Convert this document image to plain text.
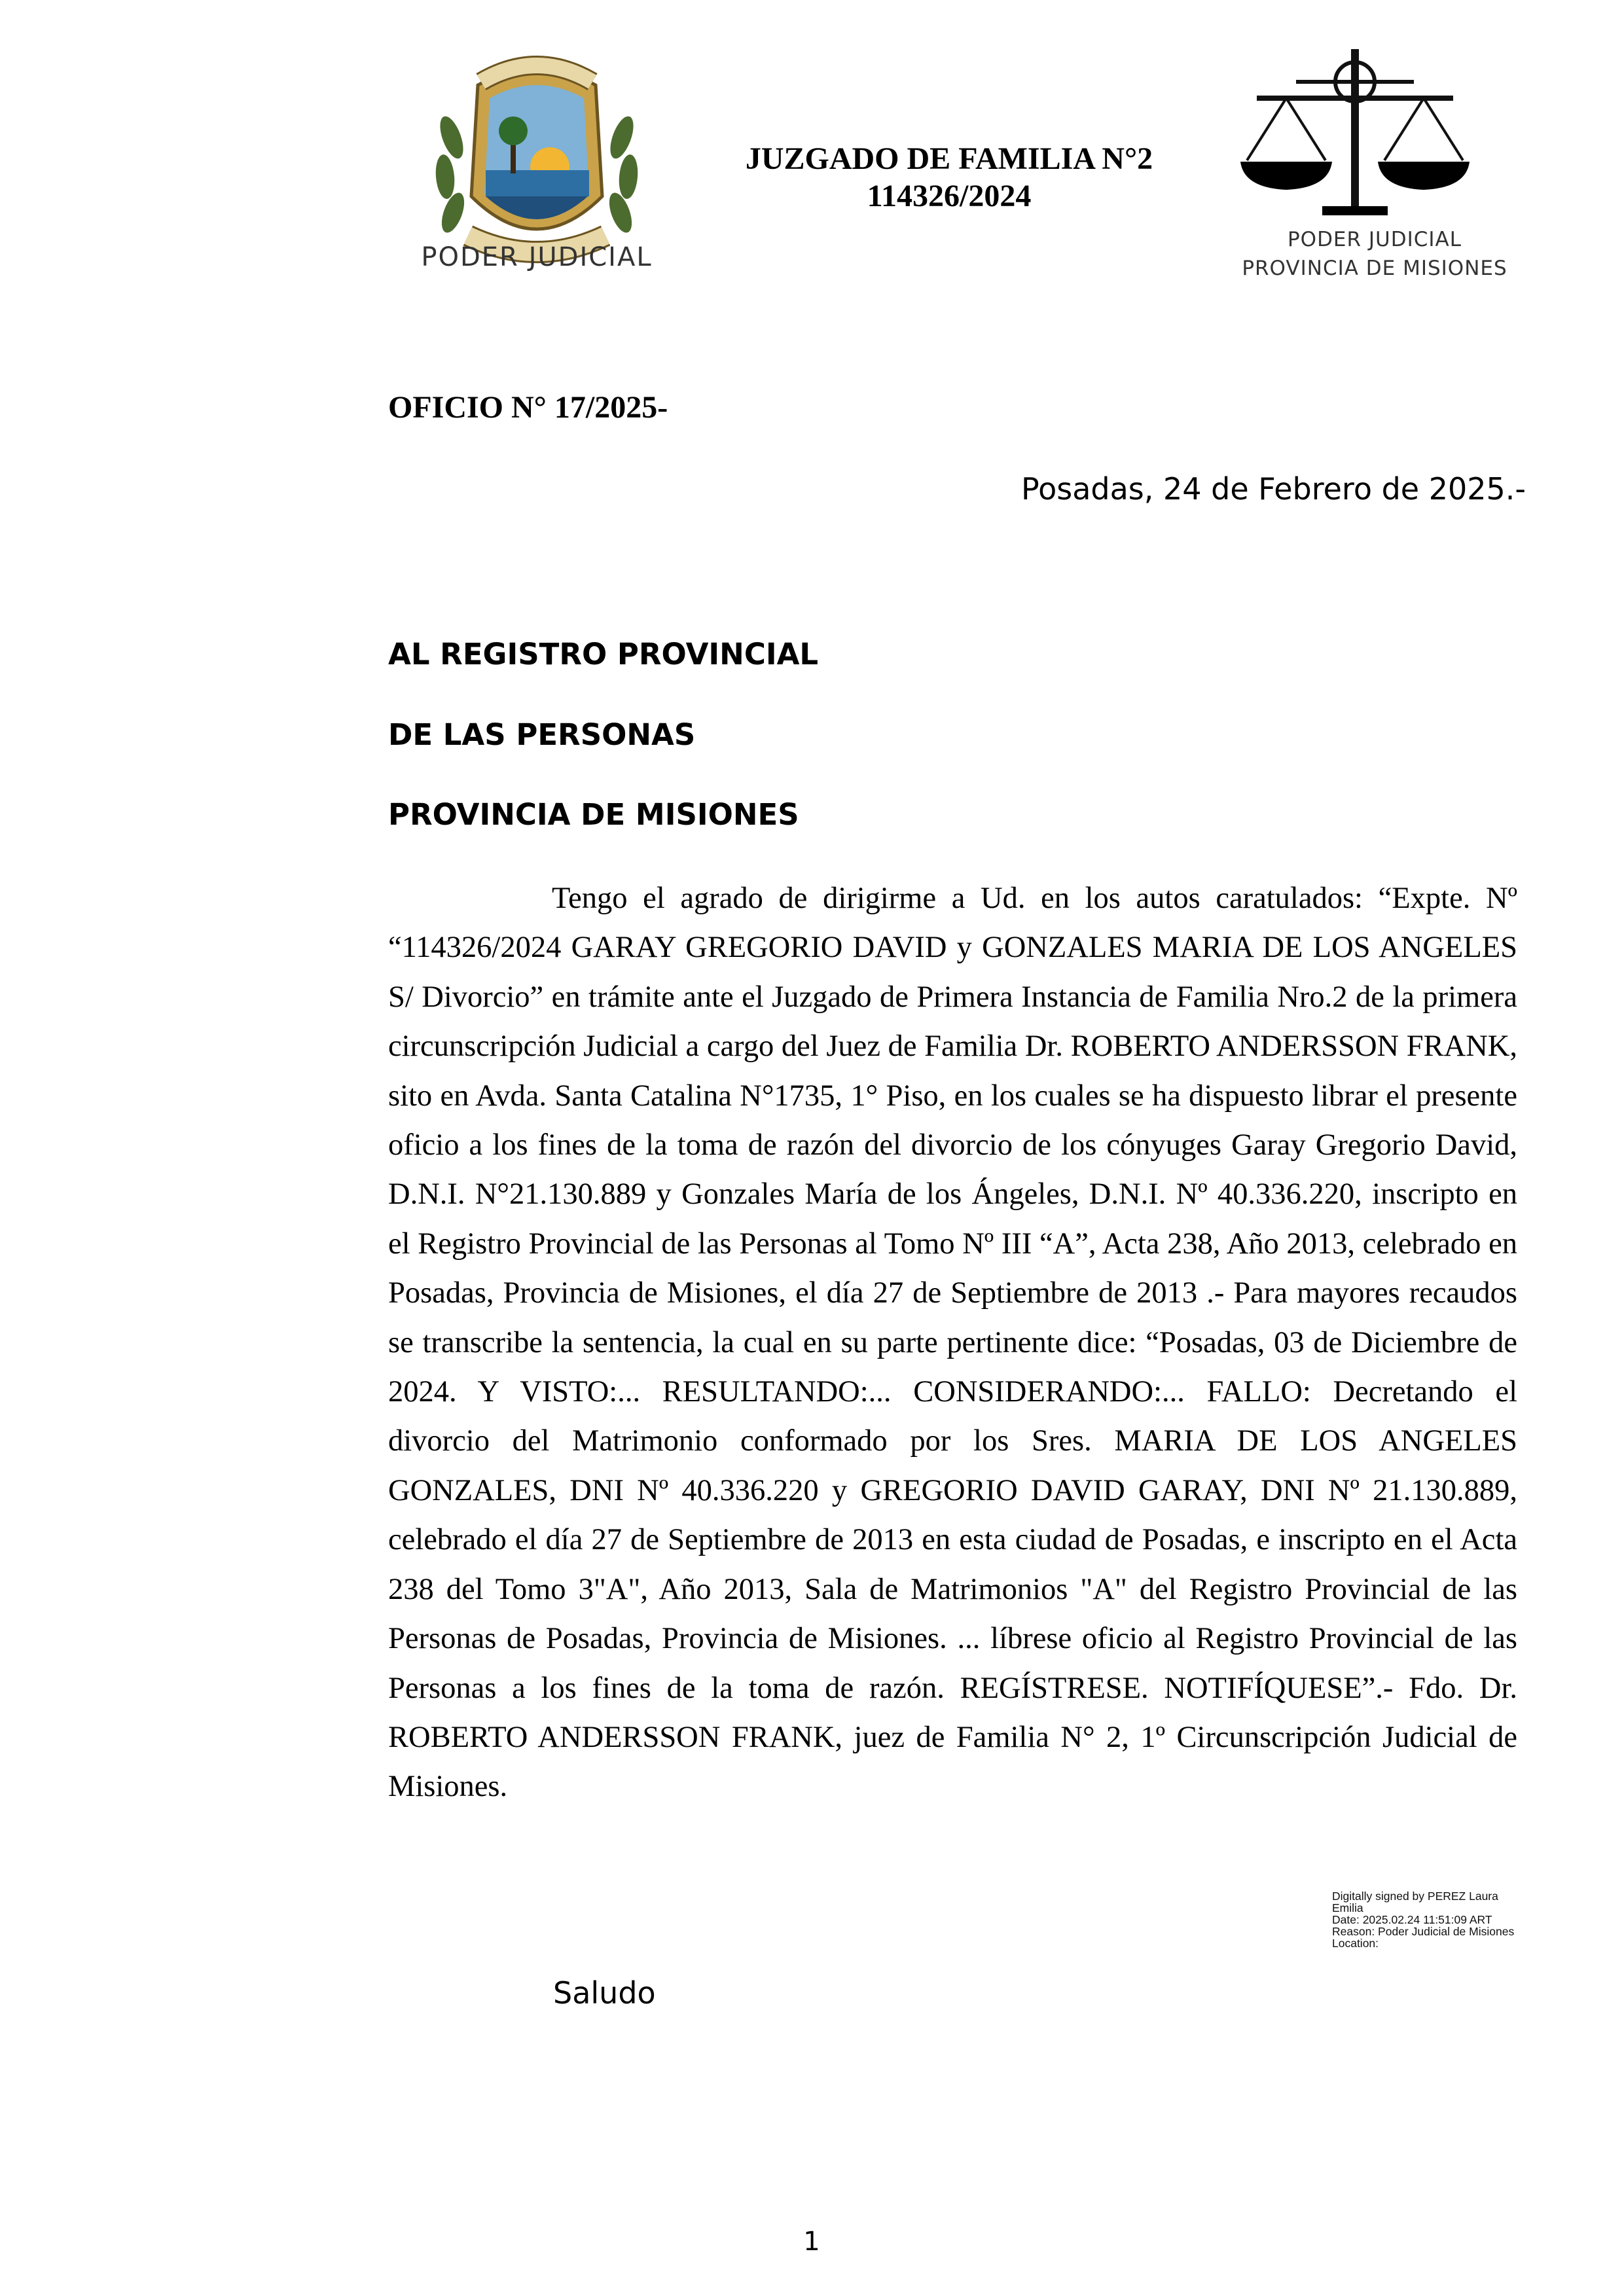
PODER JUDICIAL
JUZGADO DE FAMILIA N°2
114326/2024
PODER JUDICIAL
PROVINCIA DE MISIONES
OFICIO N° 17/2025-
Posadas, 24 de Febrero de 2025.-
AL REGISTRO PROVINCIAL
DE LAS PERSONAS
PROVINCIA DE MISIONES

Tengo el agrado de dirigirme a Ud. en los autos caratulados: “Expte. Nº “114326/2024 GARAY GREGORIO DAVID y GONZALES MARIA DE LOS ANGELES S/ Divorcio” en trámite ante el Juzgado de Primera Instancia de Familia Nro.2 de la primera circunscripción Judicial a cargo del Juez de Familia Dr. ROBERTO ANDERSSON FRANK, sito en Avda. Santa Catalina N°1735, 1° Piso, en los cuales se ha dispuesto librar el presente oficio a los fines de la toma de razón del divorcio de los cónyuges Garay Gregorio David, D.N.I. N°21.130.889 y Gonzales María de los Ángeles, D.N.I. Nº 40.336.220, inscripto en el Registro Provincial de las Personas al Tomo Nº III “A”, Acta 238, Año 2013, celebrado en Posadas, Provincia de Misiones, el día 27 de Septiembre de 2013 .- Para mayores recaudos se transcribe la sentencia, la cual en su parte pertinente dice: “Posadas, 03 de Diciembre de 2024. Y VISTO:... RESULTANDO:... CONSIDERANDO:... FALLO: Decretando el divorcio del Matrimonio conformado por los Sres. MARIA DE LOS ANGELES GONZALES, DNI Nº 40.336.220 y GREGORIO DAVID GARAY, DNI Nº 21.130.889, celebrado el día 27 de Septiembre de 2013 en esta ciudad de Posadas, e inscripto en el Acta 238 del Tomo 3"A", Año 2013, Sala de Matrimonios "A" del Registro Provincial de las Personas de Posadas, Provincia de Misiones. ... líbrese oficio al Registro Provincial de las Personas a los fines de la toma de razón. REGÍSTRESE. NOTIFÍQUESE”.- Fdo. Dr. ROBERTO ANDERSSON FRANK, juez de Familia N° 2, 1º Circunscripción Judicial de Misiones.

Digitally signed by PEREZ Laura
Emilia
Date: 2025.02.24 11:51:09 ART
Reason: Poder Judicial de Misiones
Location:
Saludo
1
